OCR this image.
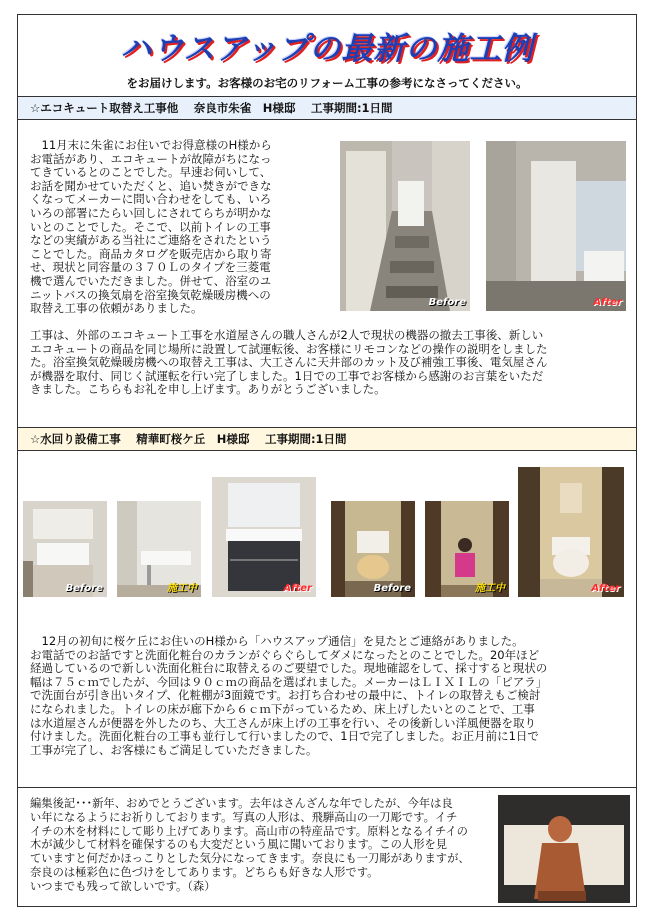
ハウスアップの最新の施工例
をお届けします。お客様のお宅のリフォーム工事の参考になさってください。
☆エコキュート取替え工事他　 奈良市朱雀　H様邸　 工事期間:1日間

　11月末に朱雀にお住いでお得意様のH様から
お電話があり、エコキュートが故障がちになっ
てきているとのことでした。早速お伺いして、
お話を聞かせていただくと、追い焚きができな
くなってメーカーに問い合わせをしても、いろ
いろの部署にたらい回しにされてらちが明かな
いとのことでした。そこで、以前トイレの工事
などの実績がある当社にご連絡をされたという
ことでした。商品カタログを販売店から取り寄
せ、現状と同容量の３７０Ｌのタイプを三菱電
機で選んでいただきました。併せて、浴室のユ
ニットバスの換気扇を浴室換気乾燥暖房機への
取替え工事の依頼がありました。	Before	After

工事は、外部のエコキュート工事を水道屋さんの職人さんが2人で現状の機器の撤去工事後、新しい
エコキュートの商品を同じ場所に設置して試運転後、お客様にリモコンなどの操作の説明をしました
た。浴室換気乾燥暖房機への取替え工事は、大工さんに天井部のカット及び補強工事後、電気屋さん
が機器を取付、同じく試運転を行い完了しました。1日での工事でお客様から感謝のお言葉をいただ
きました。こちらもお礼を申し上げます。ありがとうございました。

☆水回り設備工事　 精華町桜ケ丘　H様邸　 工事期間:1日間
Before	施工中	After	Before	施工中	After

　12月の初旬に桜ケ丘にお住いのH様から「ハウスアップ通信」を見たとご連絡がありました。
お電話でのお話ですと洗面化粧台のカランがぐらぐらしてダメになったとのことでした。20年ほど
経過しているので新しい洗面化粧台に取替えるのご要望でした。現地確認をして、採寸すると現状の
幅は７５ｃｍでしたが、今回は９０ｃｍの商品を選ばれました。メーカーはＬＩＸＩＬの「ピアラ」
で洗面台が引き出いタイプ、化粧棚が3面鏡です。お打ち合わせの最中に、トイレの取替えもご検討
になられました。トイレの床が廊下から６ｃｍ下がっているため、床上げしたいとのことで、工事
は水道屋さんが便器を外したのち、大工さんが床上げの工事を行い、その後新しい洋風便器を取り
付けました。洗面化粧台の工事も並行して行いましたので、1日で完了しました。お正月前に1日で
工事が完了し、お客様にもご満足していただきました。

編集後記･･･新年、おめでとうございます。去年はさんざんな年でしたが、今年は良
い年になるようにお祈りしております。写真の人形は、飛騨高山の一刀彫です。イチ
イチの木を材料にして彫り上げてあります。高山市の特産品です。原料となるイチイの
木が減少して材料を確保するのも大変だという風に聞いております。この人形を見
ていますと何だかほっこりとした気分になってきます。奈良にも一刀彫がありますが、
奈良のは極彩色に色づけをしてあります。どちらも好きな人形です。
いつまでも残って欲しいです。（森）
